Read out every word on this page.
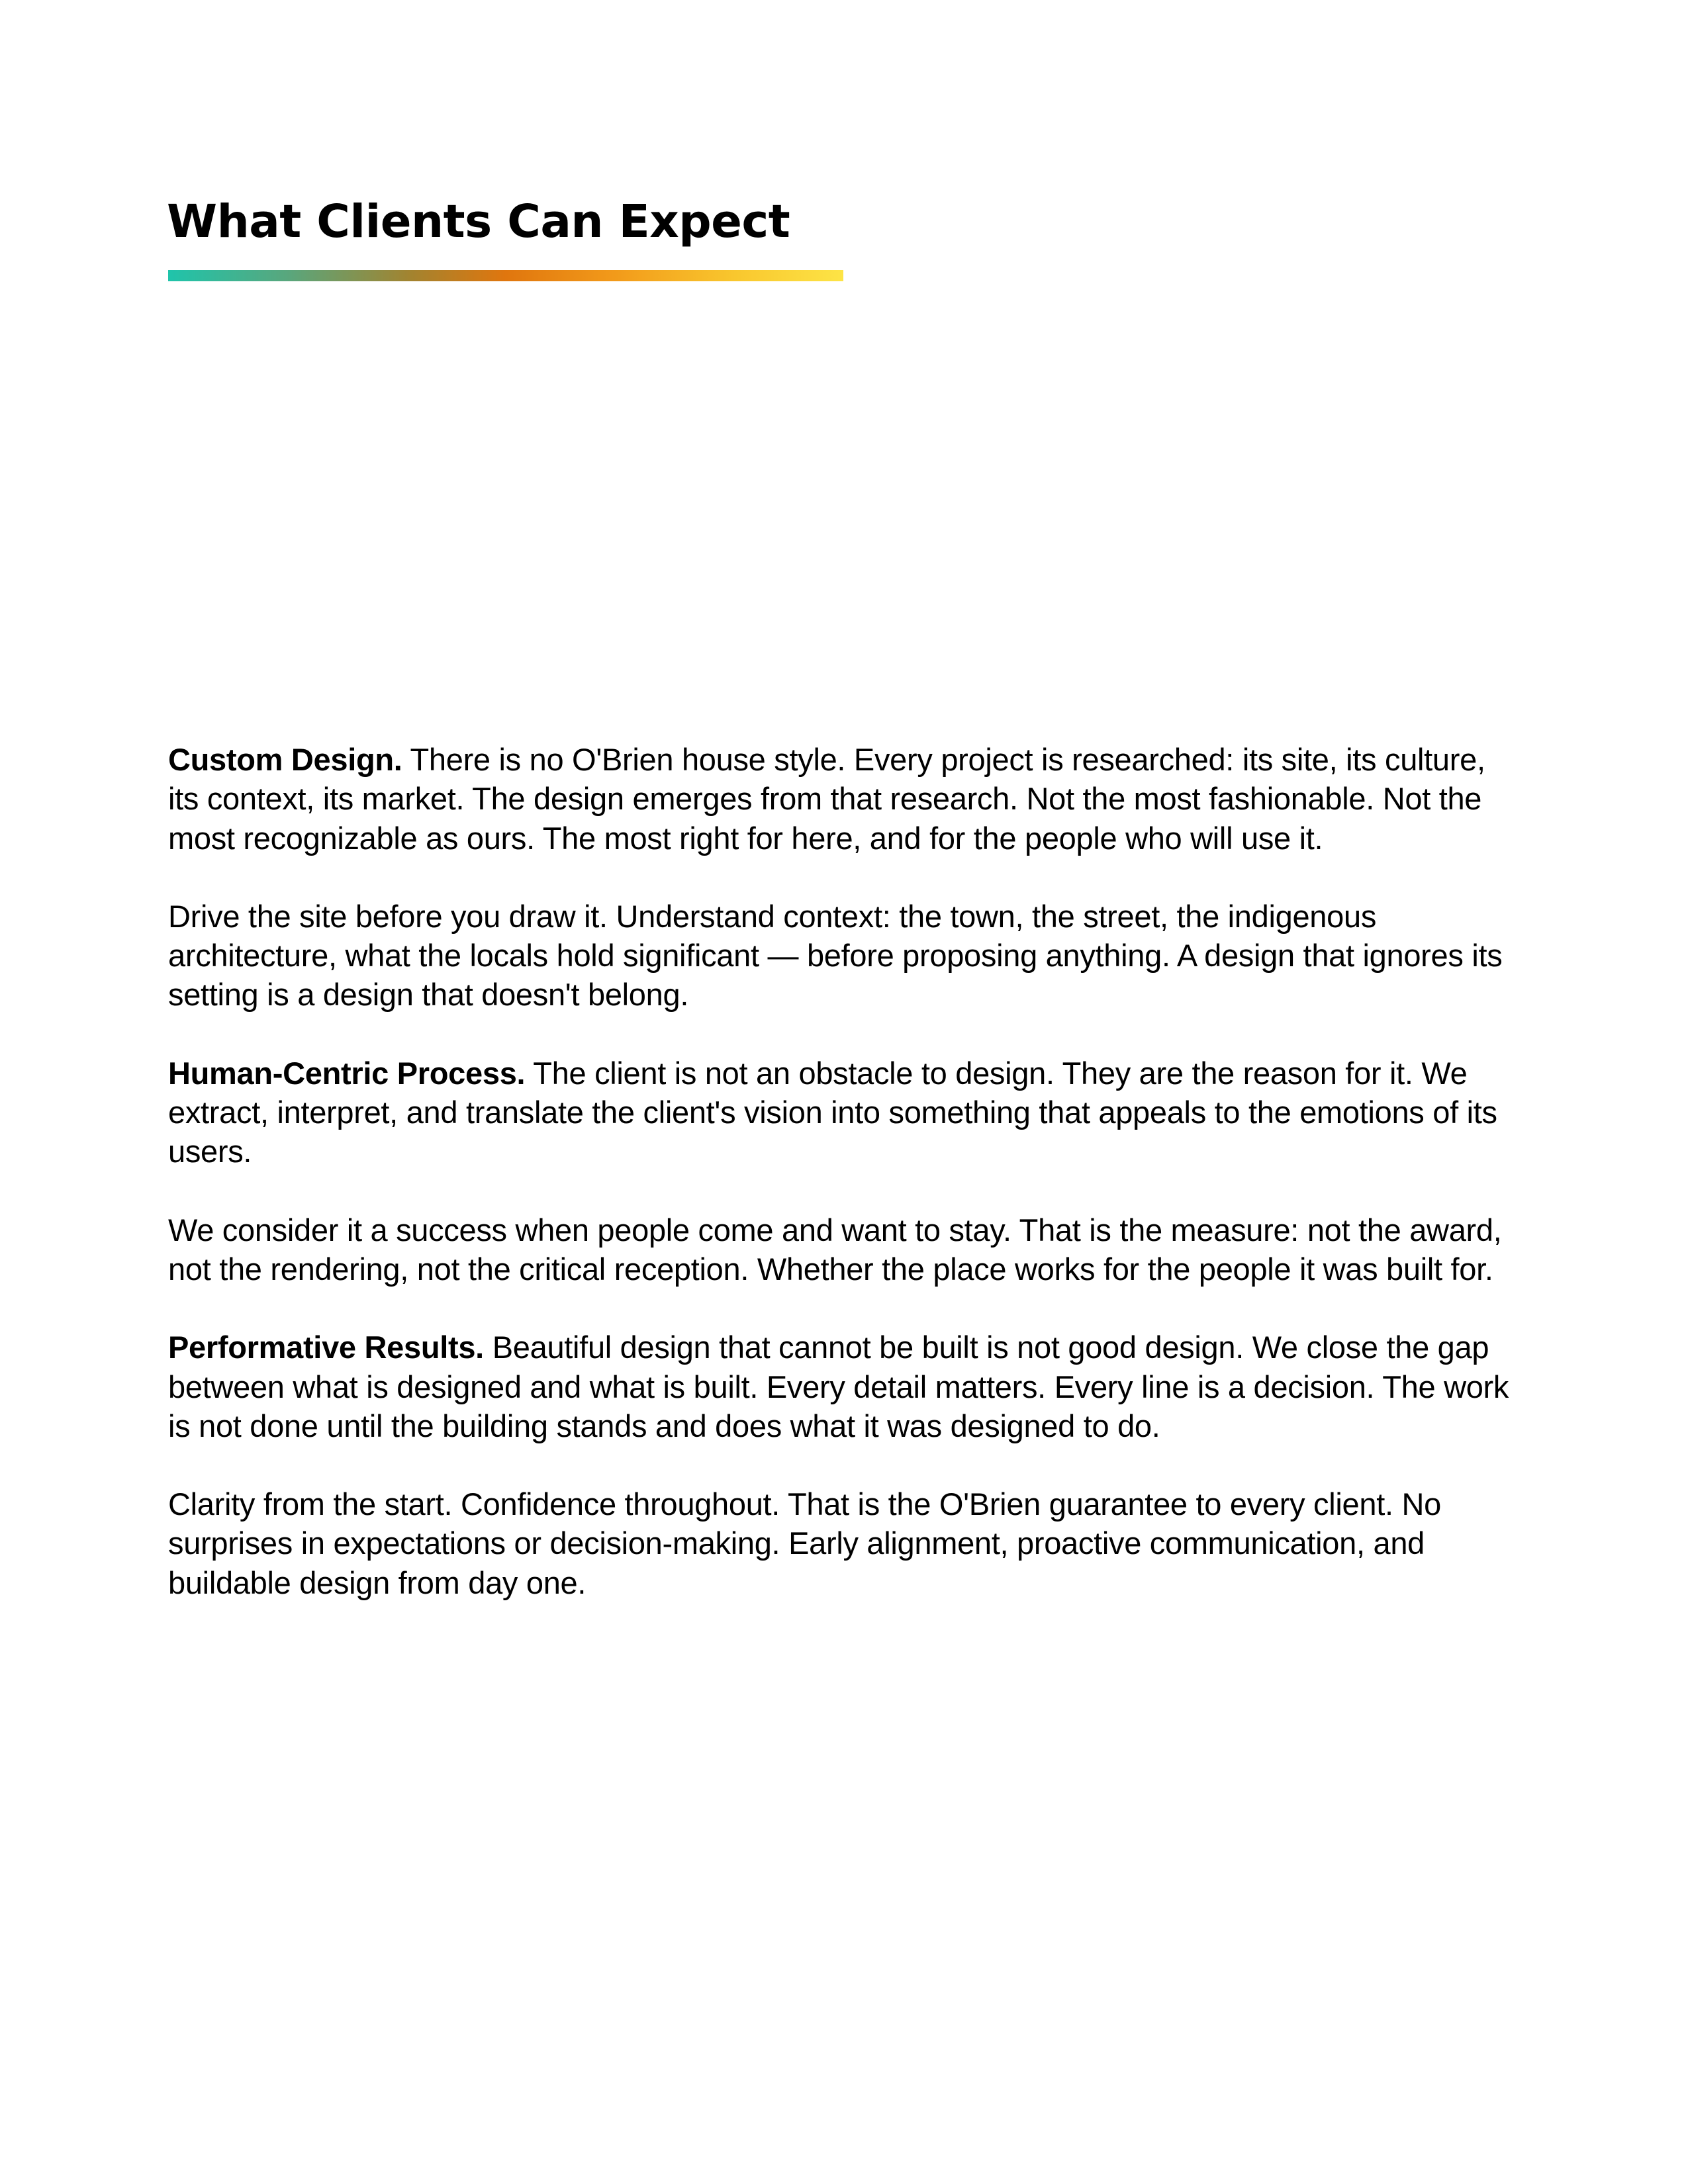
What Clients Can Expect

Custom Design. There is no O'Brien house style. Every project is researched: its site, its culture, its context, its market. The design emerges from that research. Not the most fashionable. Not the most recognizable as ours. The most right for here, and for the people who will use it.

Drive the site before you draw it. Understand context: the town, the street, the indigenous architecture, what the locals hold significant — before proposing anything. A design that ignores its setting is a design that doesn't belong.

Human-Centric Process. The client is not an obstacle to design. They are the reason for it. We extract, interpret, and translate the client's vision into something that appeals to the emotions of its users.

We consider it a success when people come and want to stay. That is the measure: not the award, not the rendering, not the critical reception. Whether the place works for the people it was built for.

Performative Results. Beautiful design that cannot be built is not good design. We close the gap between what is designed and what is built. Every detail matters. Every line is a decision. The work is not done until the building stands and does what it was designed to do.

Clarity from the start. Confidence throughout. That is the O'Brien guarantee to every client. No surprises in expectations or decision-making. Early alignment, proactive communication, and buildable design from day one.
